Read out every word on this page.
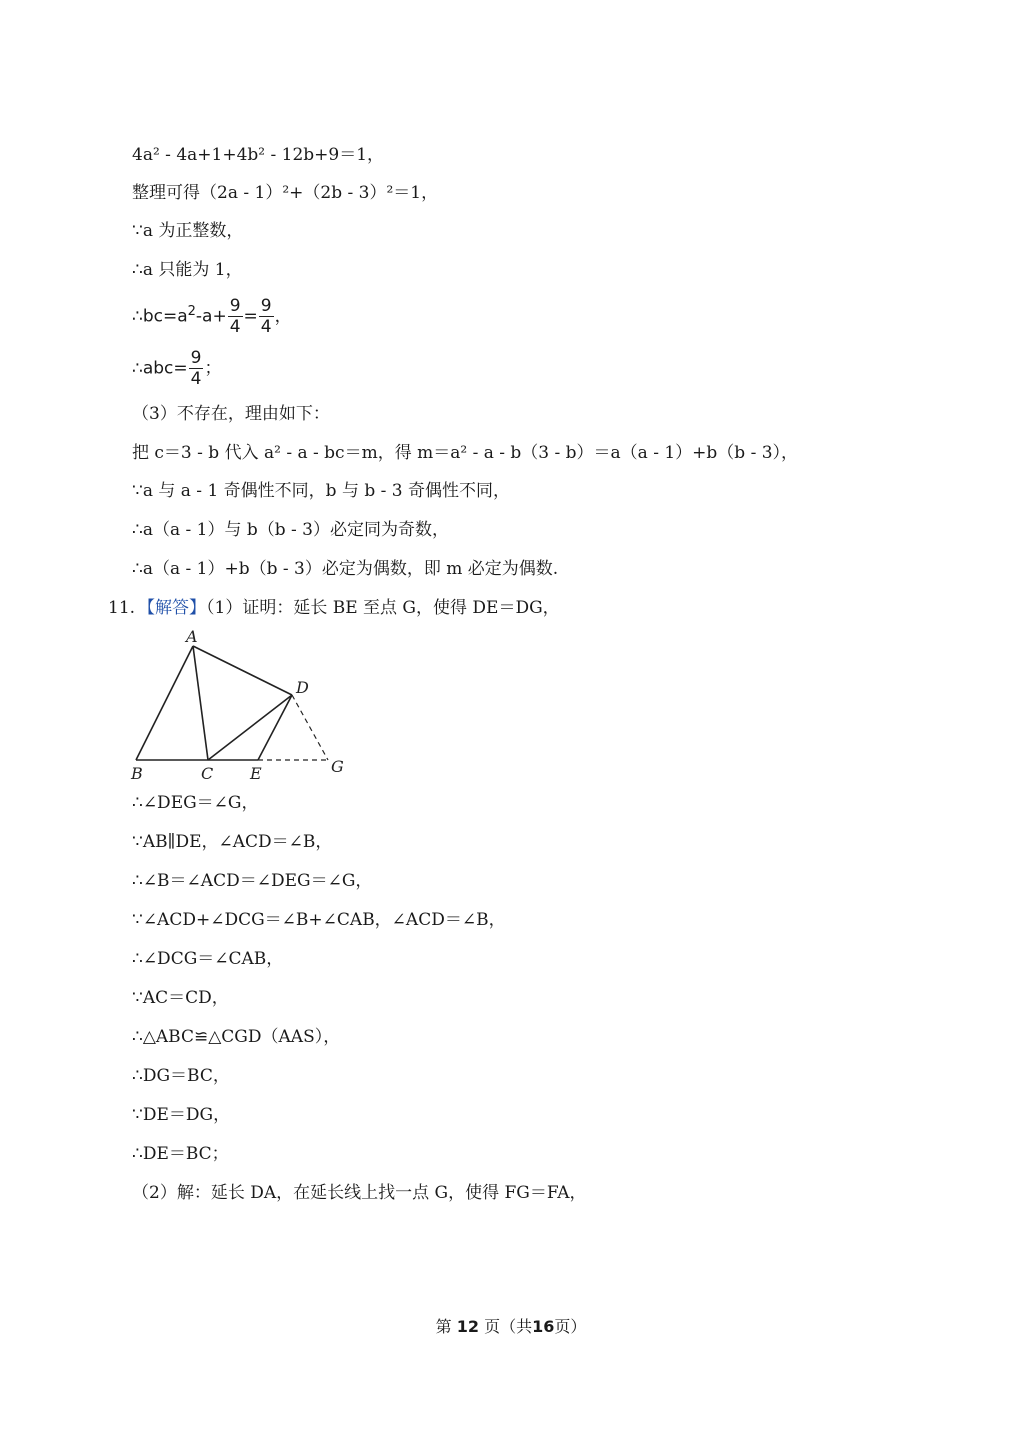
4a² - 4a+1+4b² - 12b+9＝1，
整理可得（2a - 1）²+（2b - 3）²＝1，
∵a 为正整数，
∴a 只能为 1，
$\therefore bc=a^2-a+ \frac{9}{4} = \frac{9}{4}$ ，
∴abc= $\frac{9}{4}$ ；
（3）不存在，理由如下：
把 c＝3 - b 代入 a² - a - bc＝m，得 m＝a² - a - b（3 - b）＝a（a - 1）+b（b - 3），
∵a 与 a - 1 奇偶性不同，b 与 b - 3 奇偶性不同，
∴a（a - 1）与 b（b - 3）必定同为奇数，
∴a（a - 1）+b（b - 3）必定为偶数，即 m 必定为偶数.
11. 【解答】（1）证明：延长 BE 至点 G，使得 DE＝DG，
A
B	C
D
E	G
∴∠DEG＝∠G，
∵AB∥DE，∠ACD＝∠B，
∴∠B＝∠ACD＝∠DEG＝∠G，
∵∠ACD+∠DCG＝∠B+∠CAB，∠ACD＝∠B，
∴∠DCG＝∠CAB，
∵AC＝CD，
∴△ABC≌△CGD（AAS），
∴DG＝BC，
∵DE＝DG，
∴DE＝BC；
（2）解：延长 DA，在延长线上找一点 G，使得 FG＝FA，
第 12 页（共16页）
